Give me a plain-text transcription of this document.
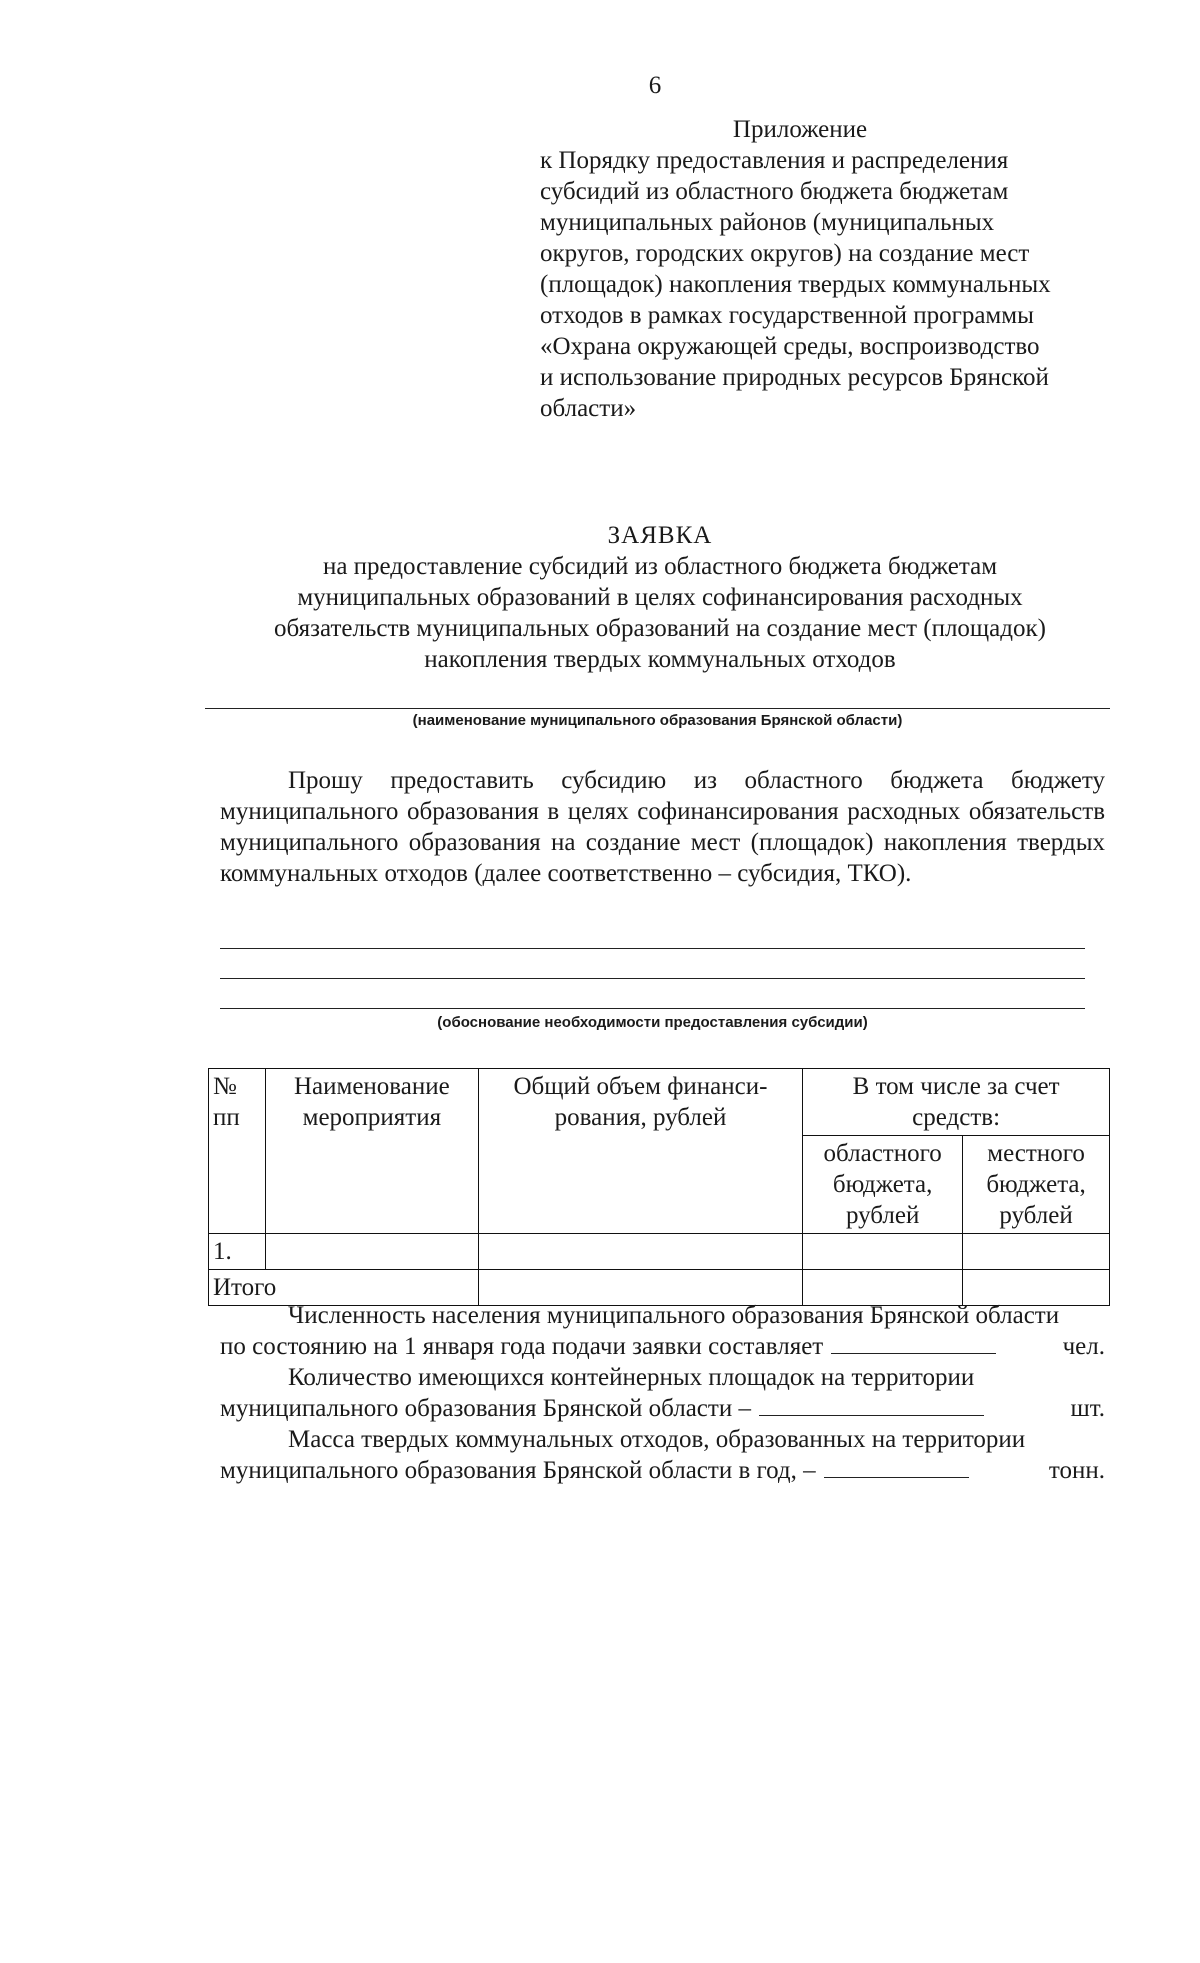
6
Приложение
к Порядку предоставления и распределения
субсидий из областного бюджета бюджетам
муниципальных районов (муниципальных
округов, городских округов) на создание мест
(площадок) накопления твердых коммунальных
отходов в рамках государственной программы
«Охрана окружающей среды, воспроизводство
и использование природных ресурсов Брянской
области»
ЗАЯВКА
на предоставление субсидий из областного бюджета бюджетам
муниципальных образований в целях софинансирования расходных
обязательств муниципальных образований на создание мест (площадок)
накопления твердых коммунальных отходов
(наименование муниципального образования Брянской области)

Прошу предоставить субсидию из областного бюджета бюджету муниципального образования в целях софинансирования расходных обязательств муниципального образования на создание мест (площадок) накопления твердых коммунальных отходов (далее соответственно – субсидия, ТКО).

(обоснование необходимости предоставления субсидии)
№ пп	Наименование мероприятия	Общий объем финанси-рования, рублей	В том числе за счет средств:	
			областного бюджета, рублей	местного бюджета, рублей
1.				
Итого				

Численность населения муниципального образования Брянской области

по состоянию на 1 января года подачи заявки составляет	чел.

Количество имеющихся контейнерных площадок на территории

муниципального образования Брянской области –	шт.

Масса твердых коммунальных отходов, образованных на территории

муниципального образования Брянской области в год, –	тонн.
